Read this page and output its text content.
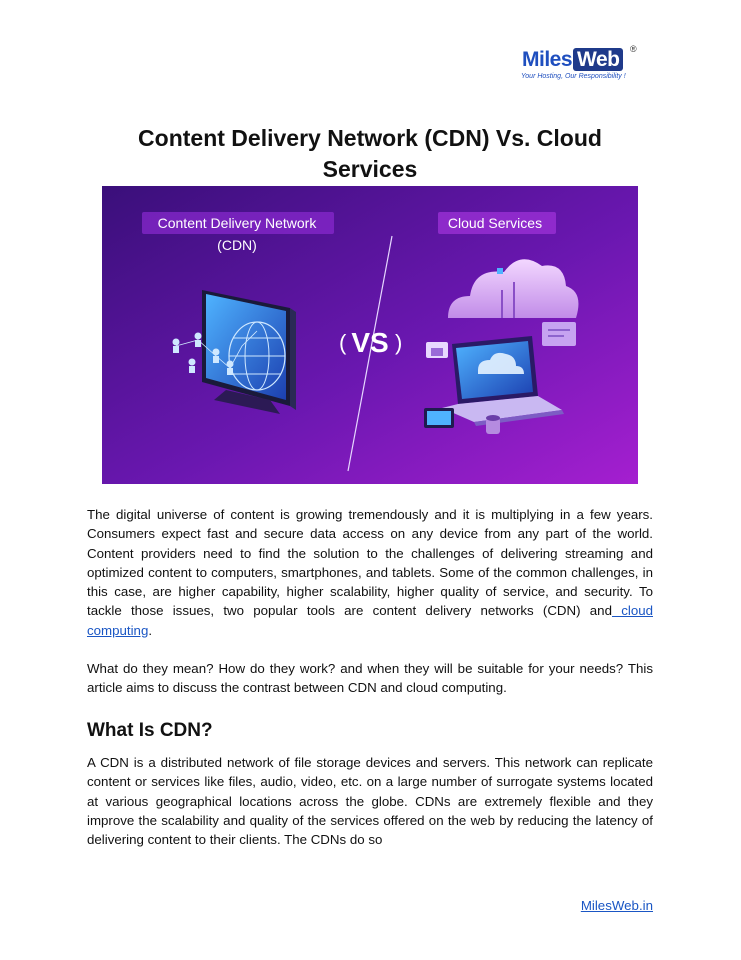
Miles Web	®
Your Hosting, Our Responsibility !
Content Delivery Network (CDN) Vs. Cloud Services
Content Delivery Network
(CDN)
Cloud Services
VS
( )

The digital universe of content is growing tremendously and it is multiplying in a few years. Consumers expect fast and secure data access on any device from any part of the world. Content providers need to find the solution to the challenges of delivering streaming and optimized content to computers, smartphones, and tablets. Some of the common challenges, in this case, are higher capability, higher scalability, higher quality of service, and security. To tackle those issues, two popular tools are content delivery networks (CDN) and cloud computing.

What do they mean? How do they work? and when they will be suitable for your needs? This article aims to discuss the contrast between CDN and cloud computing.

What Is CDN?

A CDN is a distributed network of file storage devices and servers. This network can replicate content or services like files, audio, video, etc. on a large number of surrogate systems located at various geographical locations across the globe. CDNs are extremely flexible and they improve the scalability and quality of the services offered on the web by reducing the latency of delivering content to their clients. The CDNs do so

MilesWeb.in
